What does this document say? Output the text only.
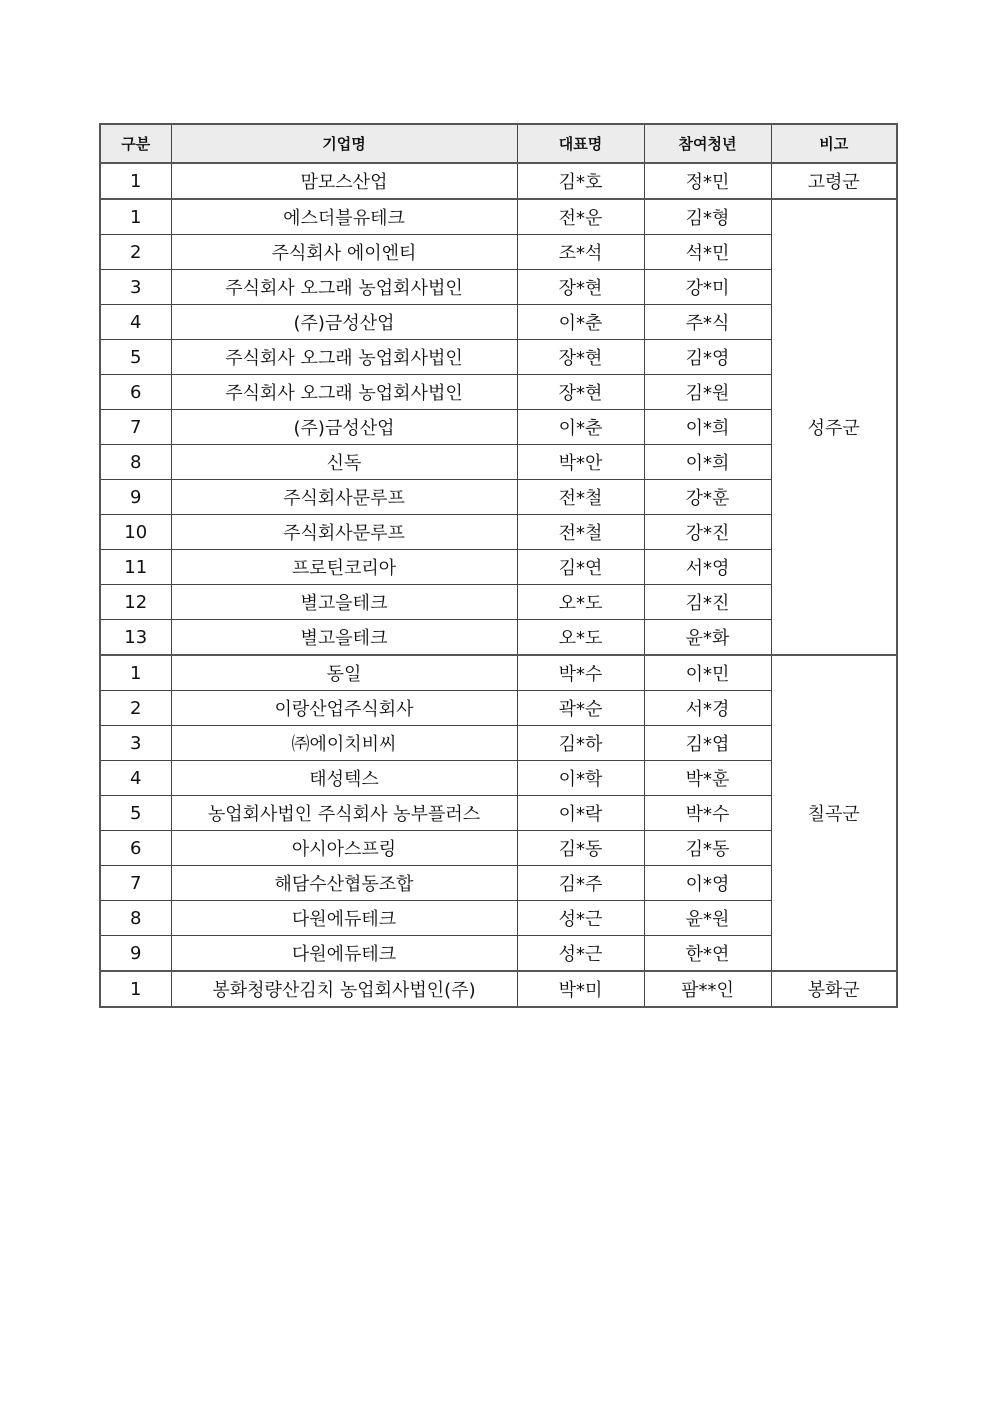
구분	기업명	대표명	참여청년	비고
1	맘모스산업	김*호	정*민	고령군
1	에스더블유테크	전*운	김*형	성주군
2	주식회사 에이엔티	조*석	석*민	
3	주식회사 오그래 농업회사법인	장*현	강*미	
4	(주)금성산업	이*춘	주*식	
5	주식회사 오그래 농업회사법인	장*현	김*영	
6	주식회사 오그래 농업회사법인	장*현	김*원	
7	(주)금성산업	이*춘	이*희	
8	신독	박*안	이*희	
9	주식회사문루프	전*철	강*훈	
10	주식회사문루프	전*철	강*진	
11	프로틴코리아	김*연	서*영	
12	별고을테크	오*도	김*진	
13	별고을테크	오*도	윤*화	
1	동일	박*수	이*민	칠곡군
2	이랑산업주식회사	곽*순	서*경	
3	㈜에이치비씨	김*하	김*엽	
4	태성텍스	이*학	박*훈	
5	농업회사법인 주식회사 농부플러스	이*락	박*수	
6	아시아스프링	김*동	김*동	
7	해담수산협동조합	김*주	이*영	
8	다원에듀테크	성*근	윤*원	
9	다원에듀테크	성*근	한*연	
1	봉화청량산김치 농업회사법인(주)	박*미	팜**인	봉화군
